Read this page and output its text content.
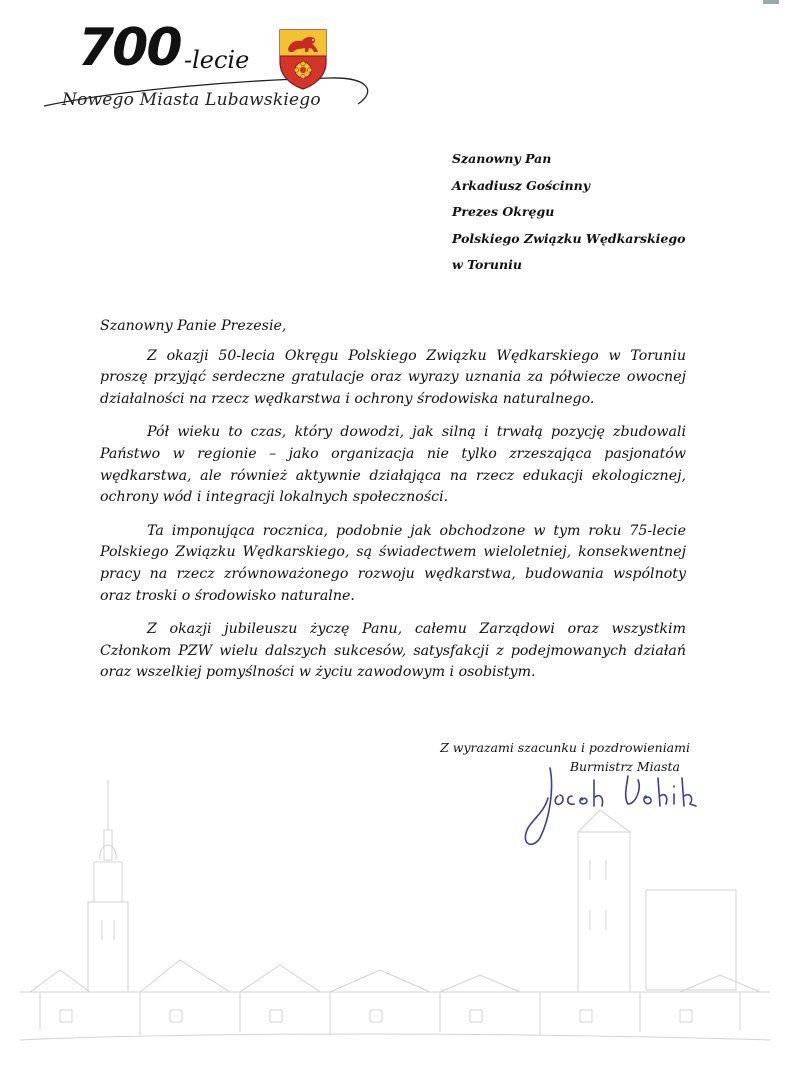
700 -lecie
Nowego Miasta Lubawskiego
Szanowny Pan
Arkadiusz Gościnny
Prezes Okręgu
Polskiego Związku Wędkarskiego
w Toruniu
Szanowny Panie Prezesie,
Z okazji 50-lecia Okręgu Polskiego Związku Wędkarskiego w Toruniu proszę przyjąć serdeczne gratulacje oraz wyrazy uznania za półwiecze owocnej działalności na rzecz wędkarstwa i ochrony środowiska naturalnego.
Pół wieku to czas, który dowodzi, jak silną i trwałą pozycję zbudowali Państwo w regionie – jako organizacja nie tylko zrzeszająca pasjonatów wędkarstwa, ale również aktywnie działająca na rzecz edukacji ekologicznej, ochrony wód i integracji lokalnych społeczności.
Ta imponująca rocznica, podobnie jak obchodzone w tym roku 75-lecie Polskiego Związku Wędkarskiego, są świadectwem wieloletniej, konsekwentnej pracy na rzecz zrównoważonego rozwoju wędkarstwa, budowania wspólnoty oraz troski o środowisko naturalne.
Z okazji jubileuszu życzę Panu, całemu Zarządowi oraz wszystkim Członkom PZW wielu dalszych sukcesów, satysfakcji z podejmowanych działań oraz wszelkiej pomyślności w życiu zawodowym i osobistym.
Z wyrazami szacunku i pozdrowieniami
Burmistrz Miasta
